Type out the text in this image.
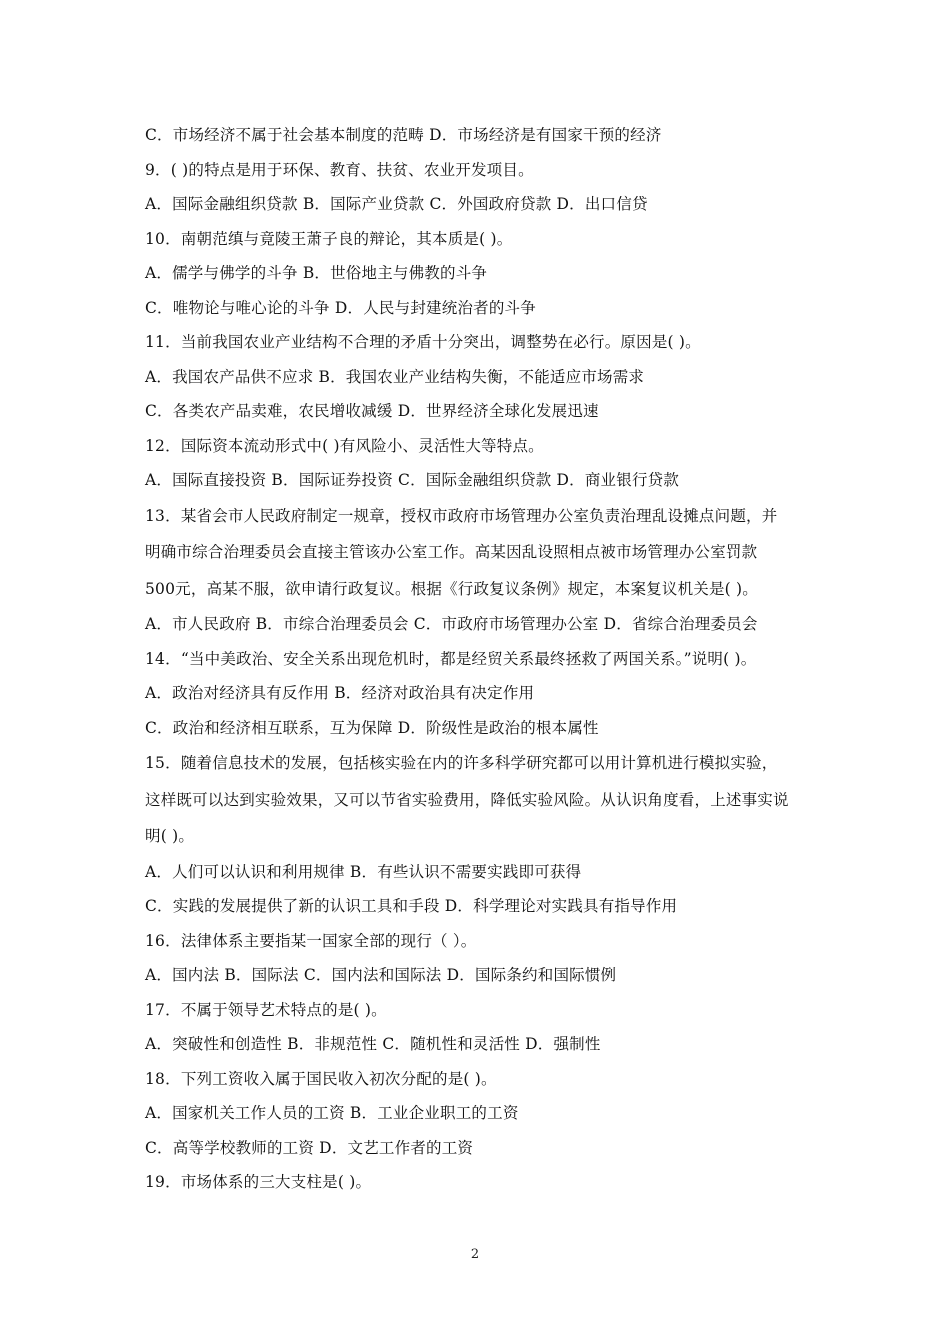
C．市场经济不属于社会基本制度的范畴 D．市场经济是有国家干预的经济
9．( )的特点是用于环保、教育、扶贫、农业开发项目。
A．国际金融组织贷款 B．国际产业贷款 C．外国政府贷款 D．出口信贷
10．南朝范缜与竟陵王萧子良的辩论，其本质是( )。
A．儒学与佛学的斗争 B．世俗地主与佛教的斗争
C．唯物论与唯心论的斗争 D．人民与封建统治者的斗争
11．当前我国农业产业结构不合理的矛盾十分突出，调整势在必行。原因是( )。
A．我国农产品供不应求 B．我国农业产业结构失衡，不能适应市场需求
C．各类农产品卖难，农民增收减缓 D．世界经济全球化发展迅速
12．国际资本流动形式中( )有风险小、灵活性大等特点。
A．国际直接投资 B．国际证券投资 C．国际金融组织贷款 D．商业银行贷款
13．某省会市人民政府制定一规章，授权市政府市场管理办公室负责治理乱设摊点问题，并
明确市综合治理委员会直接主管该办公室工作。高某因乱设照相点被市场管理办公室罚款
500元，高某不服，欲申请行政复议。根据《行政复议条例》规定，本案复议机关是( )。
A．市人民政府 B．市综合治理委员会 C．市政府市场管理办公室 D．省综合治理委员会
14．“当中美政治、安全关系出现危机时，都是经贸关系最终拯救了两国关系。”说明( )。
A．政治对经济具有反作用 B．经济对政治具有决定作用
C．政治和经济相互联系，互为保障 D．阶级性是政治的根本属性
15．随着信息技术的发展，包括核实验在内的许多科学研究都可以用计算机进行模拟实验，
这样既可以达到实验效果，又可以节省实验费用，降低实验风险。从认识角度看，上述事实说
明( )。
A．人们可以认识和利用规律 B．有些认识不需要实践即可获得
C．实践的发展提供了新的认识工具和手段 D．科学理论对实践具有指导作用
16．法律体系主要指某一国家全部的现行（ ）。
A．国内法 B．国际法 C．国内法和国际法 D．国际条约和国际惯例
17．不属于领导艺术特点的是( )。
A．突破性和创造性 B．非规范性 C．随机性和灵活性 D．强制性
18．下列工资收入属于国民收入初次分配的是( )。
A．国家机关工作人员的工资 B．工业企业职工的工资
C．高等学校教师的工资 D．文艺工作者的工资
19．市场体系的三大支柱是( )。
2
